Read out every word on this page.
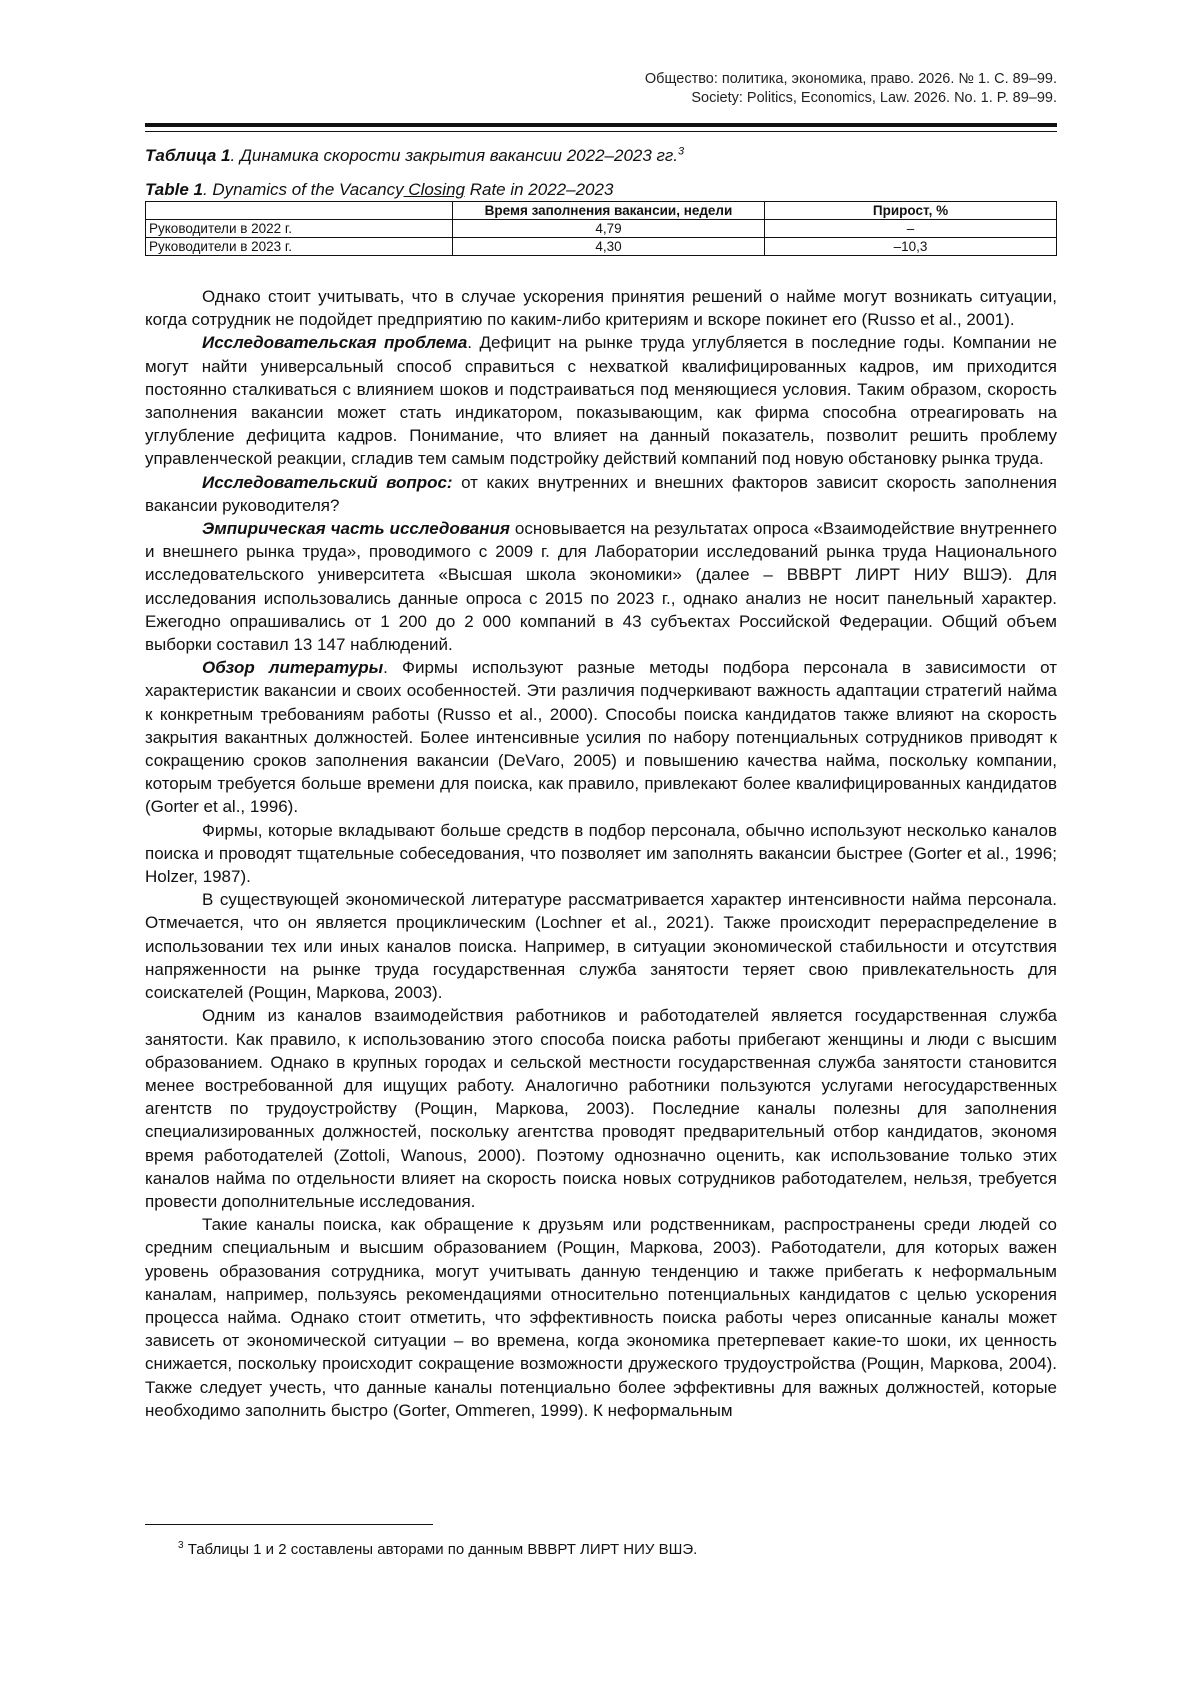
Общество: политика, экономика, право. 2026. № 1. С. 89–99.
Society: Politics, Economics, Law. 2026. No. 1. P. 89–99.
Таблица 1. Динамика скорости закрытия вакансии 2022–2023 гг.$^3$
Table 1. Dynamics of the Vacancy Closing Rate in 2022–2023
	Время заполнения вакансии, недели	Прирост, %
Руководители в 2022 г.	4,79	–
Руководители в 2023 г.	4,30	–10,3

Однако стоит учитывать, что в случае ускорения принятия решений о найме могут возникать ситуации, когда сотрудник не подойдет предприятию по каким-либо критериям и вскоре покинет его (Russo et al., 2001).

Исследовательская проблема. Дефицит на рынке труда углубляется в последние годы. Компании не могут найти универсальный способ справиться с нехваткой квалифицированных кадров, им приходится постоянно сталкиваться с влиянием шоков и подстраиваться под меняющиеся условия. Таким образом, скорость заполнения вакансии может стать индикатором, показывающим, как фирма способна отреагировать на углубление дефицита кадров. Понимание, что влияет на данный показатель, позволит решить проблему управленческой реакции, сгладив тем самым подстройку действий компаний под новую обстановку рынка труда.

Исследовательский вопрос: от каких внутренних и внешних факторов зависит скорость заполнения вакансии руководителя?

Эмпирическая часть исследования основывается на результатах опроса «Взаимодействие внутреннего и внешнего рынка труда», проводимого с 2009 г. для Лаборатории исследований рынка труда Национального исследовательского университета «Высшая школа экономики» (далее – ВВВРТ ЛИРТ НИУ ВШЭ). Для исследования использовались данные опроса с 2015 по 2023 г., однако анализ не носит панельный характер. Ежегодно опрашивались от 1 200 до 2 000 компаний в 43 субъектах Российской Федерации. Общий объем выборки составил 13 147 наблюдений.

Обзор литературы. Фирмы используют разные методы подбора персонала в зависимости от характеристик вакансии и своих особенностей. Эти различия подчеркивают важность адаптации стратегий найма к конкретным требованиям работы (Russo et al., 2000). Способы поиска кандидатов также влияют на скорость закрытия вакантных должностей. Более интенсивные усилия по набору потенциальных сотрудников приводят к сокращению сроков заполнения вакансии (DeVaro, 2005) и повышению качества найма, поскольку компании, которым требуется больше времени для поиска, как правило, привлекают более квалифицированных кандидатов (Gorter et al., 1996).

Фирмы, которые вкладывают больше средств в подбор персонала, обычно используют несколько каналов поиска и проводят тщательные собеседования, что позволяет им заполнять вакансии быстрее (Gorter et al., 1996; Holzer, 1987).

В существующей экономической литературе рассматривается характер интенсивности найма персонала. Отмечается, что он является проциклическим (Lochner et al., 2021). Также происходит перераспределение в использовании тех или иных каналов поиска. Например, в ситуации экономической стабильности и отсутствия напряженности на рынке труда государственная служба занятости теряет свою привлекательность для соискателей (Рощин, Маркова, 2003).

Одним из каналов взаимодействия работников и работодателей является государственная служба занятости. Как правило, к использованию этого способа поиска работы прибегают женщины и люди с высшим образованием. Однако в крупных городах и сельской местности государственная служба занятости становится менее востребованной для ищущих работу. Аналогично работники пользуются услугами негосударственных агентств по трудоустройству (Рощин, Маркова, 2003). Последние каналы полезны для заполнения специализированных должностей, поскольку агентства проводят предварительный отбор кандидатов, экономя время работодателей (Zottoli, Wanous, 2000). Поэтому однозначно оценить, как использование только этих каналов найма по отдельности влияет на скорость поиска новых сотрудников работодателем, нельзя, требуется провести дополнительные исследования.

Такие каналы поиска, как обращение к друзьям или родственникам, распространены среди людей со средним специальным и высшим образованием (Рощин, Маркова, 2003). Работодатели, для которых важен уровень образования сотрудника, могут учитывать данную тенденцию и также прибегать к неформальным каналам, например, пользуясь рекомендациями относительно потенциальных кандидатов с целью ускорения процесса найма. Однако стоит отметить, что эффективность поиска работы через описанные каналы может зависеть от экономической ситуации – во времена, когда экономика претерпевает какие-то шоки, их ценность снижается, поскольку происходит сокращение возможности дружеского трудоустройства (Рощин, Маркова, 2004). Также следует учесть, что данные каналы потенциально более эффективны для важных должностей, которые необходимо заполнить быстро (Gorter, Ommeren, 1999). К неформальным

$^3$ Таблицы 1 и 2 составлены авторами по данным ВВВРТ ЛИРТ НИУ ВШЭ.
